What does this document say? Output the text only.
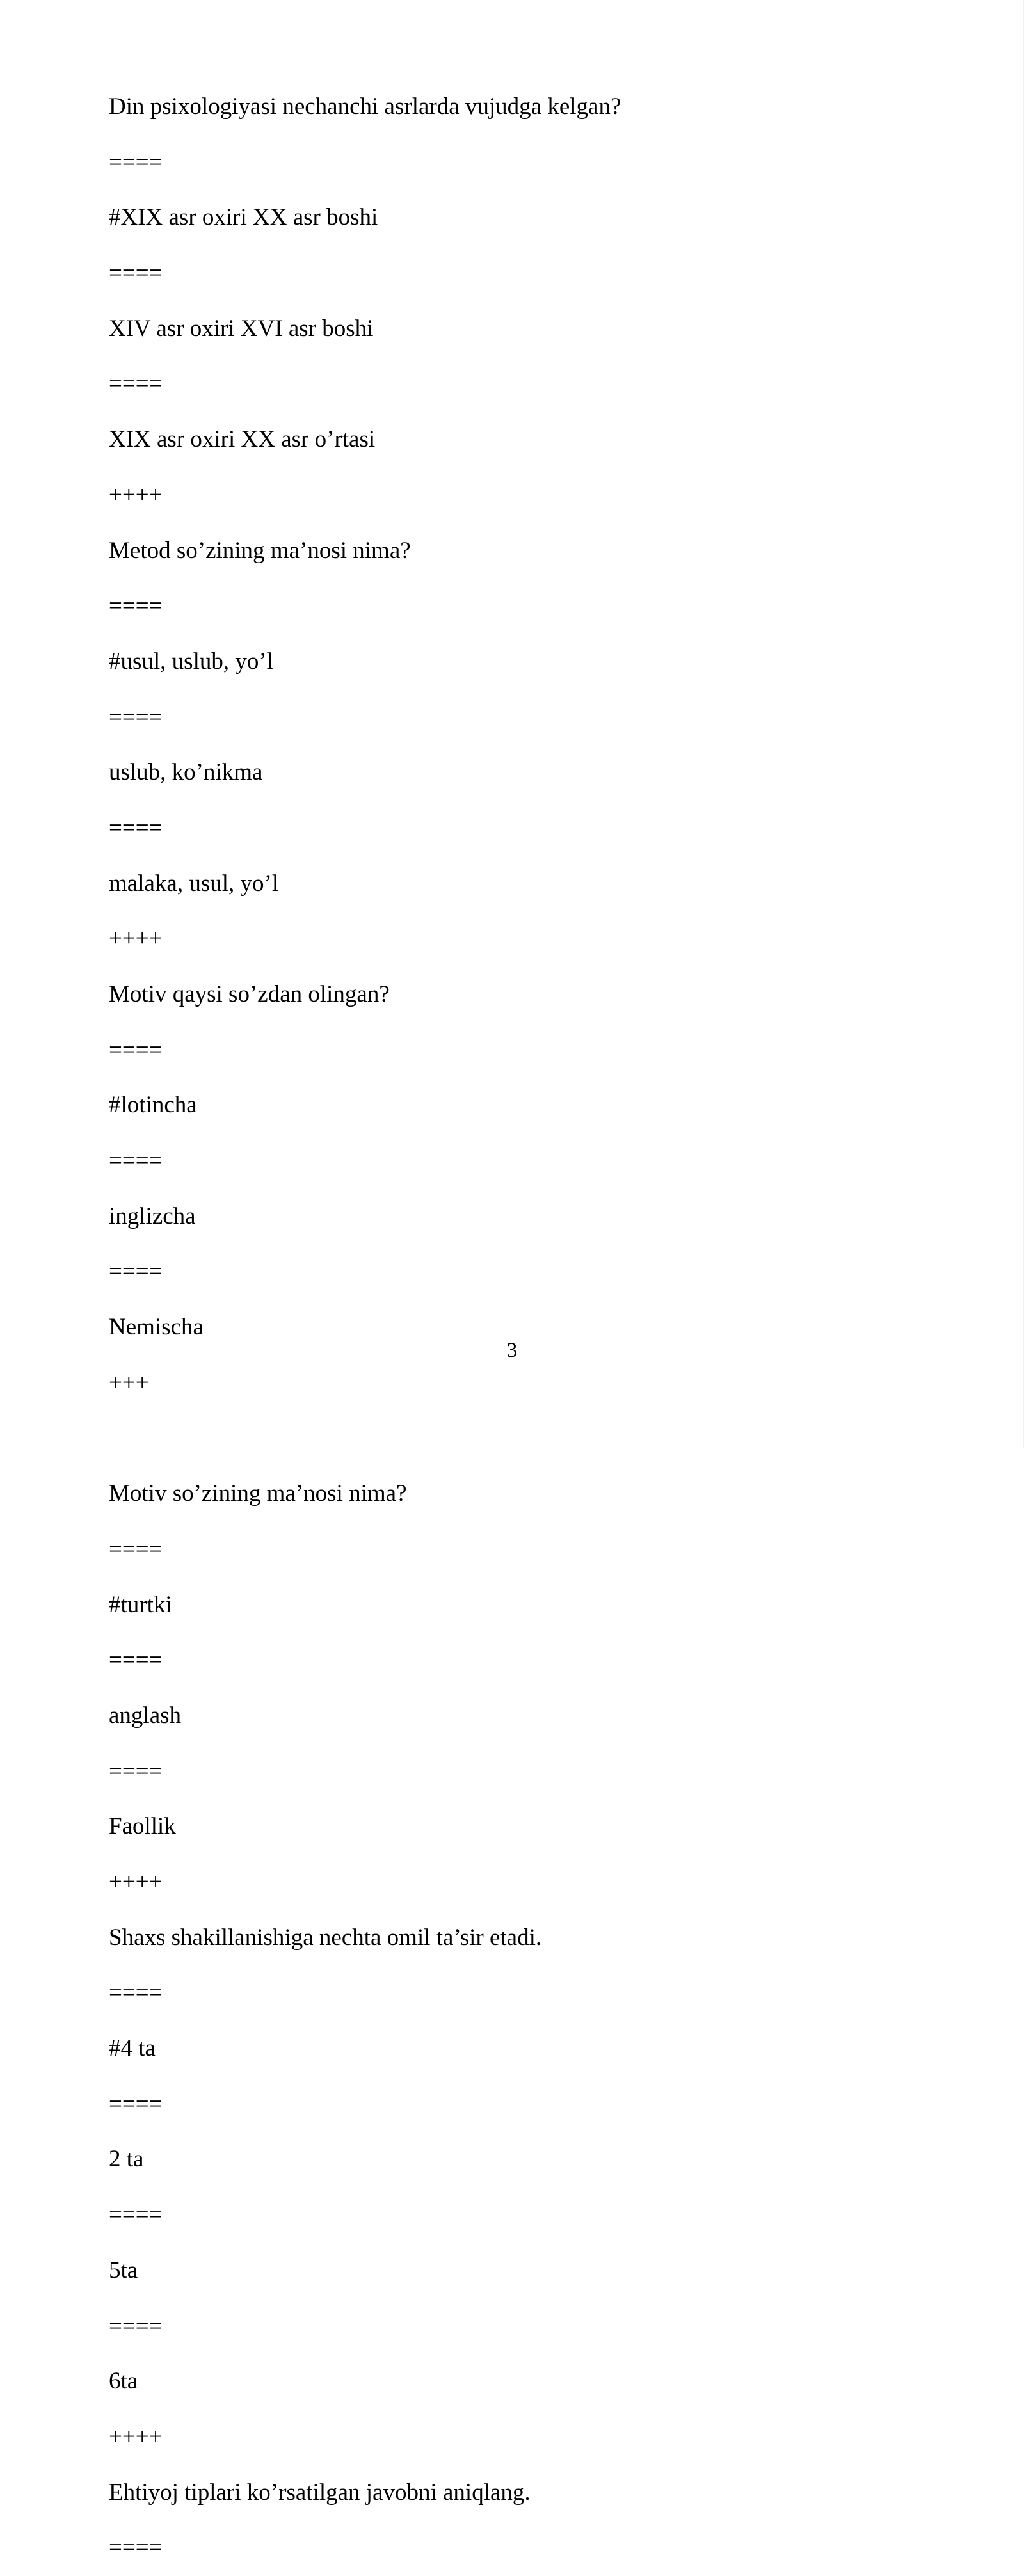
Din psixologiyasi nechanchi asrlarda vujudga kelgan?
====
#XIX asr oxiri XX asr boshi
====
XIV asr oxiri XVI asr boshi
====
XIX asr oxiri XX asr o’rtasi
++++
Metod so’zining ma’nosi nima?
====
#usul, uslub, yo’l
====
uslub, ko’nikma
====
malaka, usul, yo’l
++++
Motiv qaysi so’zdan olingan?
====
#lotincha
====
inglizcha
====
Nemischa
+++
Motiv so’zining ma’nosi nima?
====
#turtki
====
anglash
====
Faollik
++++
Shaxs shakillanishiga nechta omil ta’sir etadi.
====
#4 ta
====
2 ta
====
5ta
====
6ta
++++
Ehtiyoj tiplari ko’rsatilgan javobni aniqlang.
====
3
